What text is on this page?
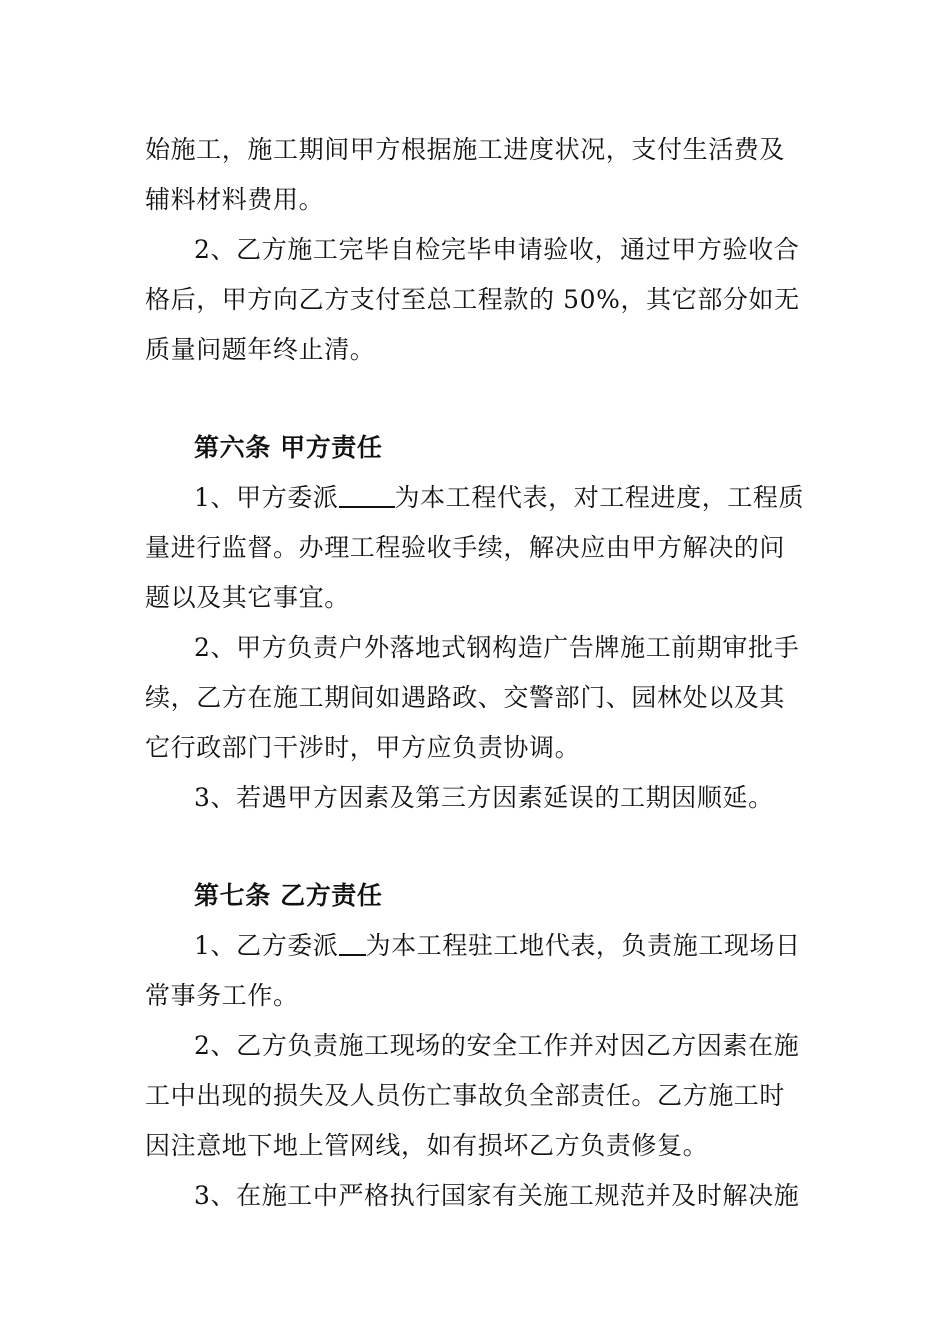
始施工，施工期间甲方根据施工进度状况，支付生活费及
辅料材料费用。
2、乙方施工完毕自检完毕申请验收，通过甲方验收合
格后，甲方向乙方支付至总工程款的 50%，其它部分如无
质量问题年终止清。
第六条 甲方责任
1、甲方委派 为本工程代表，对工程进度，工程质
量进行监督。办理工程验收手续，解决应由甲方解决的问
题以及其它事宜。
2、甲方负责户外落地式钢构造广告牌施工前期审批手
续，乙方在施工期间如遇路政、交警部门、园林处以及其
它行政部门干涉时，甲方应负责协调。
3、若遇甲方因素及第三方因素延误的工期因顺延。
第七条 乙方责任
1、乙方委派 为本工程驻工地代表，负责施工现场日
常事务工作。
2、乙方负责施工现场的安全工作并对因乙方因素在施
工中出现的损失及人员伤亡事故负全部责任。乙方施工时
因注意地下地上管网线，如有损坏乙方负责修复。
3、在施工中严格执行国家有关施工规范并及时解决施
